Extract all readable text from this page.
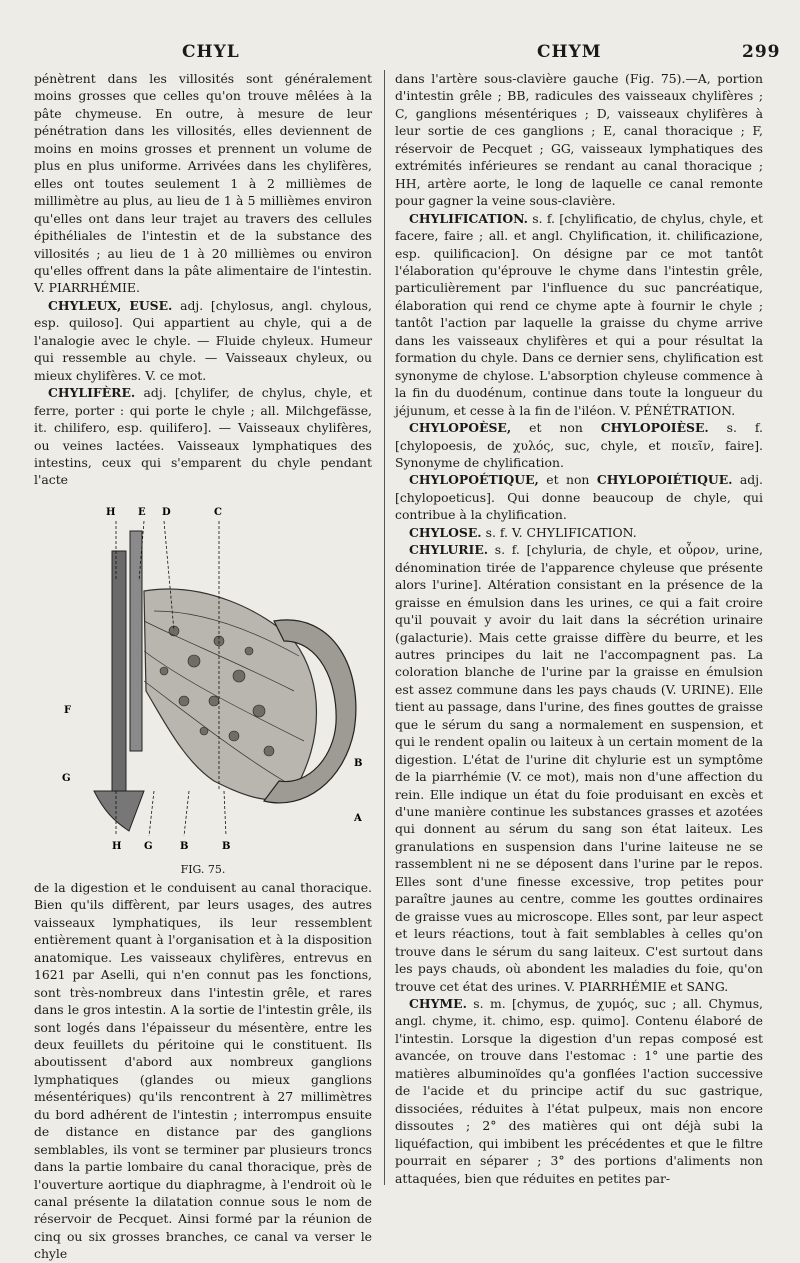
CHYL	CHYM	299

pénètrent dans les villosités sont généralement moins grosses que celles qu'on trouve mêlées à la pâte chymeuse. En outre, à mesure de leur pénétration dans les villosités, elles deviennent de moins en moins grosses et prennent un volume de plus en plus uniforme. Arrivées dans les chylifères, elles ont toutes seulement 1 à 2 millièmes de millimètre au plus, au lieu de 1 à 5 millièmes environ qu'elles ont dans leur trajet au travers des cellules épithéliales de l'intestin et de la substance des villosités ; au lieu de 1 à 20 millièmes ou environ qu'elles offrent dans la pâte alimentaire de l'intestin. V. PIARRHÉMIE.

CHYLEUX, EUSE. adj. [chylosus, angl. chylous, esp. quiloso]. Qui appartient au chyle, qui a de l'analogie avec le chyle. — Fluide chyleux. Humeur qui ressemble au chyle. — Vaisseaux chyleux, ou mieux chylifères. V. ce mot.

CHYLIFÈRE. adj. [chylifer, de chylus, chyle, et ferre, porter : qui porte le chyle ; all. Milchgefässe, it. chilifero, esp. quilifero]. — Vaisseaux chylifères, ou veines lactées. Vaisseaux lymphatiques des intestins, ceux qui s'emparent du chyle pendant l'acte

H E D	C
F
G
B
A
H G	B	B

FIG. 75.

de la digestion et le conduisent au canal thoracique. Bien qu'ils diffèrent, par leurs usages, des autres vaisseaux lymphatiques, ils leur ressemblent entièrement quant à l'organisation et à la disposition anatomique. Les vaisseaux chylifères, entrevus en 1621 par Aselli, qui n'en connut pas les fonctions, sont très-nombreux dans l'intestin grêle, et rares dans le gros intestin. A la sortie de l'intestin grêle, ils sont logés dans l'épaisseur du mésentère, entre les deux feuillets du péritoine qui le constituent. Ils aboutissent d'abord aux nombreux ganglions lymphatiques (glandes ou mieux ganglions mésentériques) qu'ils rencontrent à 27 millimètres du bord adhérent de l'intestin ; interrompus ensuite de distance en distance par des ganglions semblables, ils vont se terminer par plusieurs troncs dans la partie lombaire du canal thoracique, près de l'ouverture aortique du diaphragme, à l'endroit où le canal présente la dilatation connue sous le nom de réservoir de Pecquet. Ainsi formé par la réunion de cinq ou six grosses branches, ce canal va verser le chyle

dans l'artère sous-clavière gauche (Fig. 75).—A, portion d'intestin grêle ; BB, radicules des vaisseaux chylifères ; C, ganglions mésentériques ; D, vaisseaux chylifères à leur sortie de ces ganglions ; E, canal thoracique ; F, réservoir de Pecquet ; GG, vaisseaux lymphatiques des extrémités inférieures se rendant au canal thoracique ; HH, artère aorte, le long de laquelle ce canal remonte pour gagner la veine sous-clavière.

CHYLIFICATION. s. f. [chylificatio, de chylus, chyle, et facere, faire ; all. et angl. Chylification, it. chilificazione, esp. quilificacion]. On désigne par ce mot tantôt l'élaboration qu'éprouve le chyme dans l'intestin grêle, particulièrement par l'influence du suc pancréatique, élaboration qui rend ce chyme apte à fournir le chyle ; tantôt l'action par laquelle la graisse du chyme arrive dans les vaisseaux chylifères et qui a pour résultat la formation du chyle. Dans ce dernier sens, chylification est synonyme de chylose. L'absorption chyleuse commence à la fin du duodénum, continue dans toute la longueur du jéjunum, et cesse à la fin de l'iléon. V. PÉNÉTRATION.

CHYLOPOÈSE, et non CHYLOPOIÈSE. s. f. [chylopoesis, de χυλός, suc, chyle, et ποιεῖν, faire]. Synonyme de chylification.

CHYLOPOÉTIQUE, et non CHYLOPOIÉTIQUE. adj. [chylopoeticus]. Qui donne beaucoup de chyle, qui contribue à la chylification.

CHYLOSE. s. f. V. CHYLIFICATION.

CHYLURIE. s. f. [chyluria, de chyle, et οὖρον, urine, dénomination tirée de l'apparence chyleuse que présente alors l'urine]. Altération consistant en la présence de la graisse en émulsion dans les urines, ce qui a fait croire qu'il pouvait y avoir du lait dans la sécrétion urinaire (galacturie). Mais cette graisse diffère du beurre, et les autres principes du lait ne l'accompagnent pas. La coloration blanche de l'urine par la graisse en émulsion est assez commune dans les pays chauds (V. URINE). Elle tient au passage, dans l'urine, des fines gouttes de graisse que le sérum du sang a normalement en suspension, et qui le rendent opalin ou laiteux à un certain moment de la digestion. L'état de l'urine dit chylurie est un symptôme de la piarrhémie (V. ce mot), mais non d'une affection du rein. Elle indique un état du foie produisant en excès et d'une manière continue les substances grasses et azotées qui donnent au sérum du sang son état laiteux. Les granulations en suspension dans l'urine laiteuse ne se rassemblent ni ne se déposent dans l'urine par le repos. Elles sont d'une finesse excessive, trop petites pour paraître jaunes au centre, comme les gouttes ordinaires de graisse vues au microscope. Elles sont, par leur aspect et leurs réactions, tout à fait semblables à celles qu'on trouve dans le sérum du sang laiteux. C'est surtout dans les pays chauds, où abondent les maladies du foie, qu'on trouve cet état des urines. V. PIARRHÉMIE et SANG.

CHYME. s. m. [chymus, de χυμός, suc ; all. Chymus, angl. chyme, it. chimo, esp. quimo]. Contenu élaboré de l'intestin. Lorsque la digestion d'un repas composé est avancée, on trouve dans l'estomac : 1° une partie des matières albuminoïdes qu'a gonflées l'action successive de l'acide et du principe actif du suc gastrique, dissociées, réduites à l'état pulpeux, mais non encore dissoutes ; 2° des matières qui ont déjà subi la liquéfaction, qui imbibent les précédentes et que le filtre pourrait en séparer ; 3° des portions d'aliments non attaquées, bien que réduites en petites par-
